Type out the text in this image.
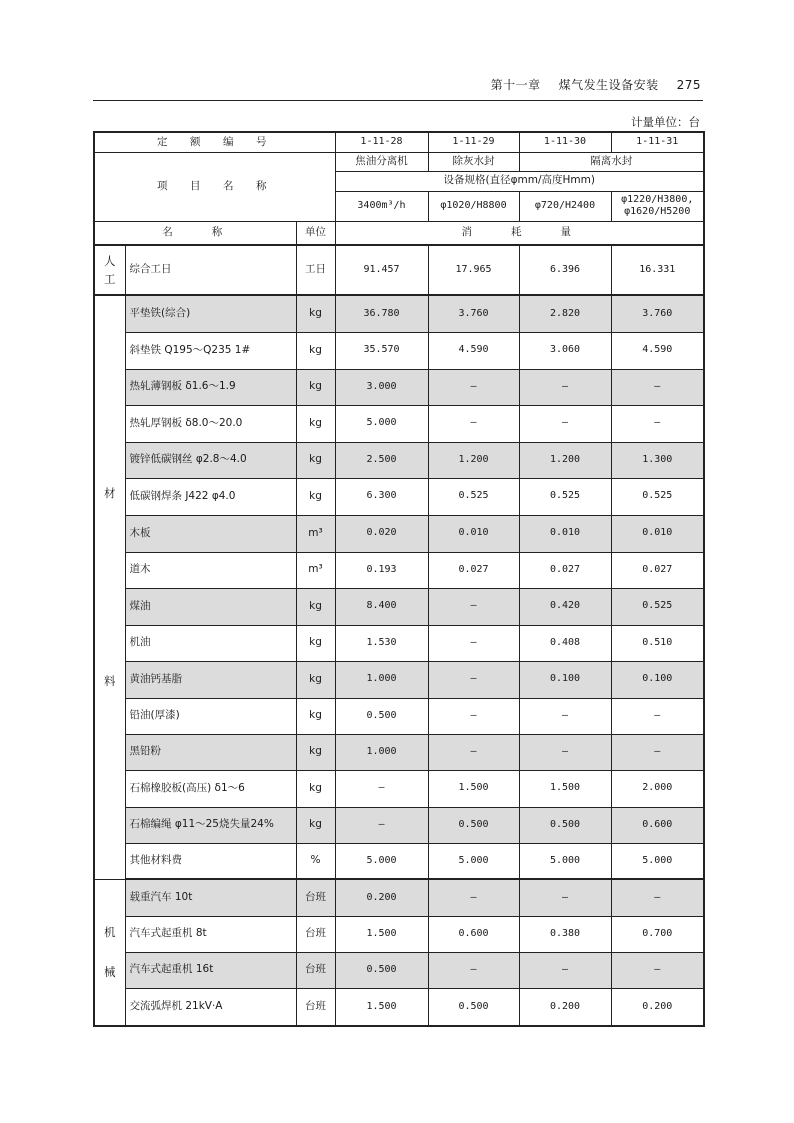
第十一章 煤气发生设备安装 275
计量单位：台
定　额　编　号			1-11-28	1-11-29	1-11-30	1-11-31
项　目　名　称			焦油分离机	除灰水封	隔离水封	
			设备规格(直径φmm/高度Hmm)			
			3400m³/h	φ1020/H8800	φ720/H2400	φ1220/H3800,
φ1620/H5200
名　　称		单位	消　　耗　　量			
人
工	综合工日	工日	91.457	17.965	6.396	16.331

材
料	平垫铁(综合)	kg	36.780	3.760	2.820	3.760
	斜垫铁 Q195～Q235 1#	kg	35.570	4.590	3.060	4.590
	热轧薄钢板 δ1.6～1.9	kg	3.000	—	—	—
	热轧厚钢板 δ8.0～20.0	kg	5.000	—	—	—
	镀锌低碳钢丝 φ2.8～4.0	kg	2.500	1.200	1.200	1.300
	低碳钢焊条 J422 φ4.0	kg	6.300	0.525	0.525	0.525
	木板	m³	0.020	0.010	0.010	0.010
	道木	m³	0.193	0.027	0.027	0.027
	煤油	kg	8.400	—	0.420	0.525
	机油	kg	1.530	—	0.408	0.510
	黄油钙基脂	kg	1.000	—	0.100	0.100
	铅油(厚漆)	kg	0.500	—	—	—
	黑铅粉	kg	1.000	—	—	—
	石棉橡胶板(高压) δ1～6	kg	—	1.500	1.500	2.000
	石棉编绳 φ11～25烧失量24%	kg	—	0.500	0.500	0.600
	其他材料费	%	5.000	5.000	5.000	5.000

机
械	载重汽车 10t	台班	0.200	—	—	—
	汽车式起重机 8t	台班	1.500	0.600	0.380	0.700
	汽车式起重机 16t	台班	0.500	—	—	—
	交流弧焊机 21kV·A	台班	1.500	0.500	0.200	0.200
